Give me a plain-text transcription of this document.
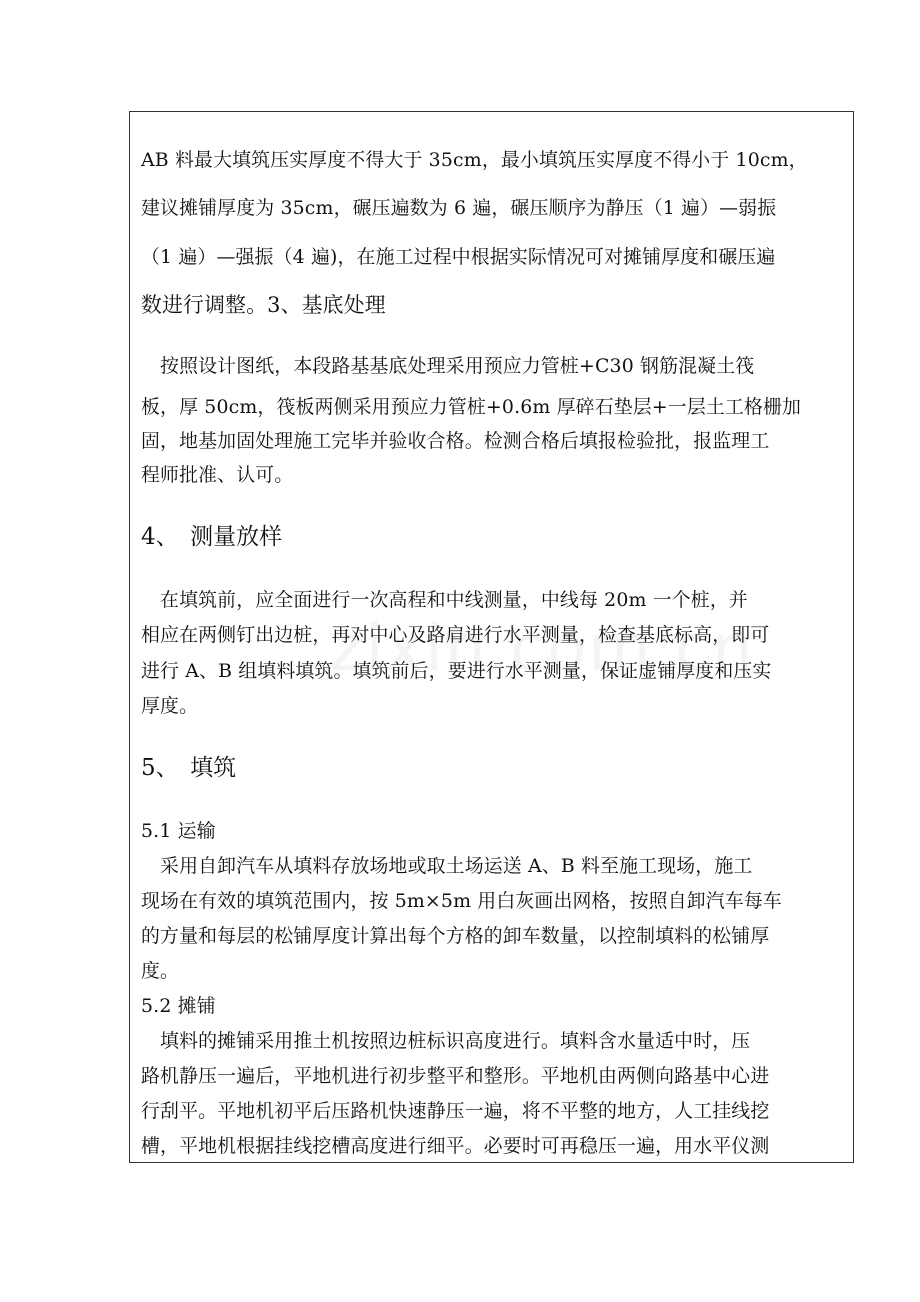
AB 料最大填筑压实厚度不得大于 35cm，最小填筑压实厚度不得小于 10cm，
建议摊铺厚度为 35cm，碾压遍数为 6 遍，碾压顺序为静压（1 遍）—弱振
（1 遍）—强振（4 遍)，在施工过程中根据实际情况可对摊铺厚度和碾压遍
数进行调整。3、基底处理
　按照设计图纸，本段路基基底处理采用预应力管桩+C30 钢筋混凝土筏
板，厚 50cm，筏板两侧采用预应力管桩+0.6m 厚碎石垫层+一层土工格栅加
固，地基加固处理施工完毕并验收合格。检测合格后填报检验批，报监理工
程师批准、认可。
4、　测量放样
　在填筑前，应全面进行一次高程和中线测量，中线每 20m 一个桩，并
相应在两侧钉出边桩，再对中心及路肩进行水平测量，检查基底标高，即可
进行 A、B 组填料填筑。填筑前后，要进行水平测量，保证虚铺厚度和压实
厚度。
5、　填筑
5.1 运输
　采用自卸汽车从填料存放场地或取土场运送 A、B 料至施工现场，施工
现场在有效的填筑范围内，按 5m×5m 用白灰画出网格，按照自卸汽车每车
的方量和每层的松铺厚度计算出每个方格的卸车数量，以控制填料的松铺厚
度。
5.2 摊铺
　填料的摊铺采用推土机按照边桩标识高度进行。填料含水量适中时，压
路机静压一遍后，平地机进行初步整平和整形。平地机由两侧向路基中心进
行刮平。平地机初平后压路机快速静压一遍，将不平整的地方，人工挂线挖
槽，平地机根据挂线挖槽高度进行细平。必要时可再稳压一遍，用水平仪测
